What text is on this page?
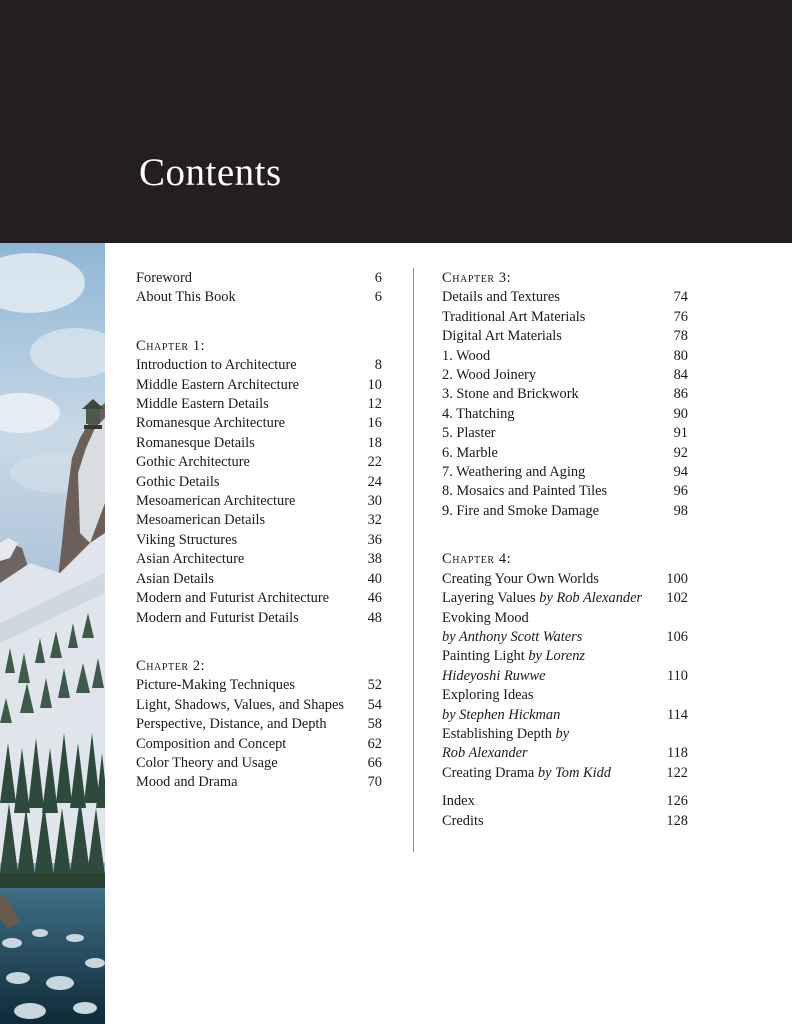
Contents
Foreword	6
About This Book	6
Chapter 1:
Introduction to Architecture	8
Middle Eastern Architecture	10
Middle Eastern Details	12
Romanesque Architecture	16
Romanesque Details	18
Gothic Architecture	22
Gothic Details	24
Mesoamerican Architecture	30
Mesoamerican Details	32
Viking Structures	36
Asian Architecture	38
Asian Details	40
Modern and Futurist Architecture	46
Modern and Futurist Details	48
Chapter 2:
Picture-Making Techniques	52
Light, Shadows, Values, and Shapes 54
Perspective, Distance, and Depth	58
Composition and Concept	62
Color Theory and Usage	66
Mood and Drama	70
Chapter 3:
Details and Textures	74
Traditional Art Materials	76
Digital Art Materials	78
1. Wood	80
2. Wood Joinery	84
3. Stone and Brickwork	86
4. Thatching	90
5. Plaster	91
6. Marble	92
7. Weathering and Aging	94
8. Mosaics and Painted Tiles	96
9. Fire and Smoke Damage	98
Chapter 4:
Creating Your Own Worlds	100
Layering Values by Rob Alexander 102
Evoking Mood
by Anthony Scott Waters	106
Painting Light by Lorenz
Hideyoshi Ruwwe	110
Exploring Ideas
by Stephen Hickman	114
Establishing Depth by
Rob Alexander	118
Creating Drama by Tom Kidd	122
Index	126
Credits	128
